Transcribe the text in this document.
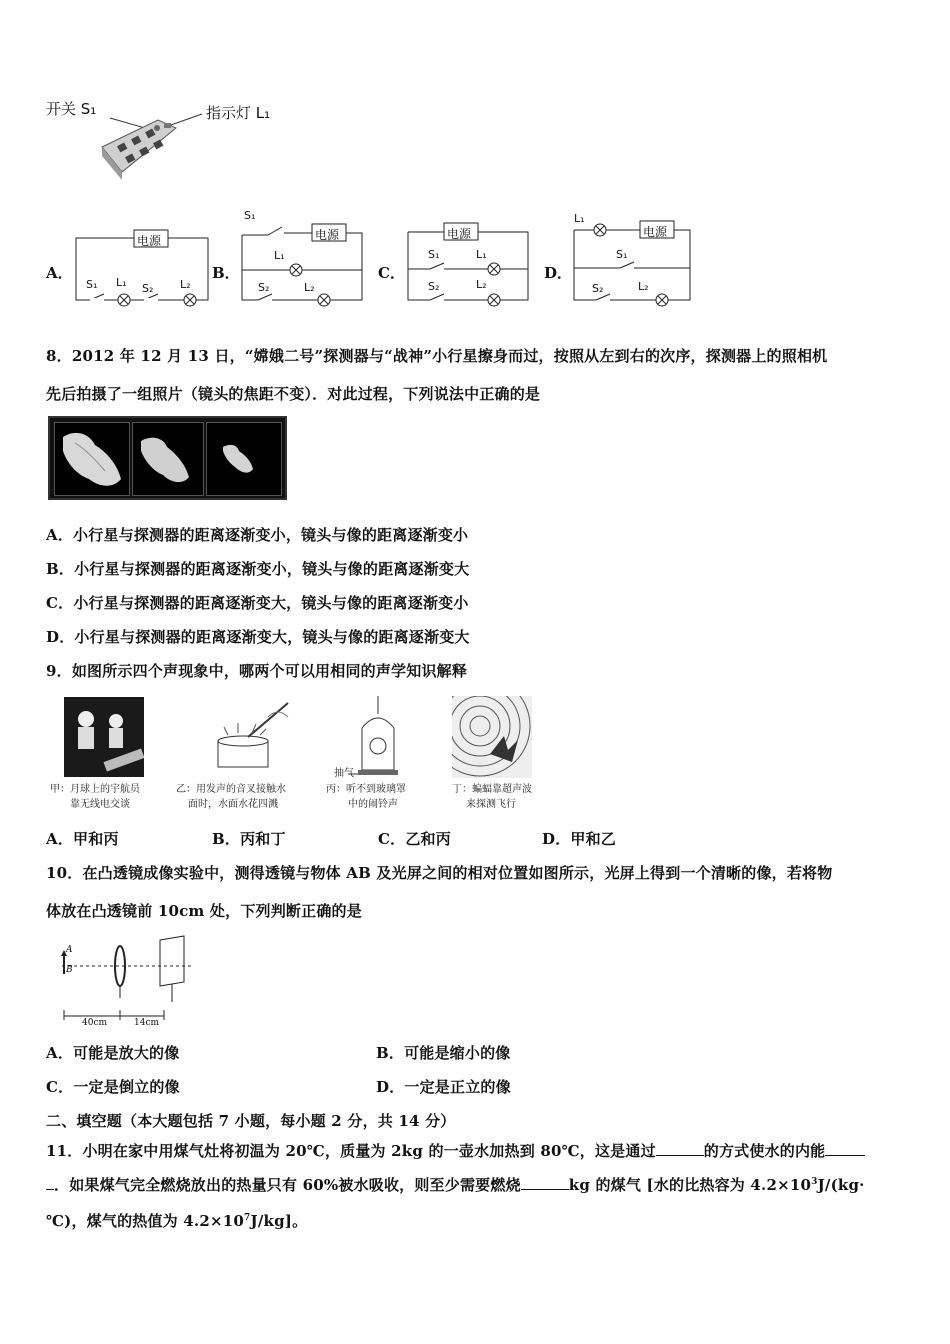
开关 S₁	指示灯 L₁
A．
电源
S₁ L₁ S₂ L₂
B．
电源
S₁
L₁
S₂	L₂
C．
电源
S₁	L₁
S₂	L₂
D．
电源
L₁
S₁
S₂	L₂
8．2012 年 12 月 13 日，“嫦娥二号”探测器与“战神”小行星擦身而过，按照从左到右的次序，探测器上的照相机
先后拍摄了一组照片（镜头的焦距不变）．对此过程，下列说法中正确的是
A．小行星与探测器的距离逐渐变小，镜头与像的距离逐渐变小
B．小行星与探测器的距离逐渐变小，镜头与像的距离逐渐变大
C．小行星与探测器的距离逐渐变大，镜头与像的距离逐渐变小
D．小行星与探测器的距离逐渐变大，镜头与像的距离逐渐变大
9．如图所示四个声现象中，哪两个可以用相同的声学知识解释
甲：月球上的宇航员
靠无线电交谈
乙：用发声的音叉接触水
面时，水面水花四溅
抽气
丙：听不到玻璃罩
中的闹铃声
丁：蝙蝠靠超声波
来探测飞行
A．甲和丙	B．丙和丁	C．乙和丙	D．甲和乙
10．在凸透镜成像实验中，测得透镜与物体 AB 及光屏之间的相对位置如图所示，光屏上得到一个清晰的像，若将物
体放在凸透镜前 10cm 处，下列判断正确的是
A
B
40cm	14cm
A．可能是放大的像	B．可能是缩小的像
C．一定是倒立的像	D．一定是正立的像
二、填空题（本大题包括 7 小题，每小题 2 分，共 14 分）
11．小明在家中用煤气灶将初温为 20℃，质量为 2kg 的一壶水加热到 80℃，这是通过	的方式使水的内能
．如果煤气完全燃烧放出的热量只有 60%被水吸收，则至少需要燃烧	kg 的煤气 [水的比热容为 $4.2\times 10^3J/(kg\cdot$
℃)，煤气的热值为 $4.2\times 10^7J/kg$]。
